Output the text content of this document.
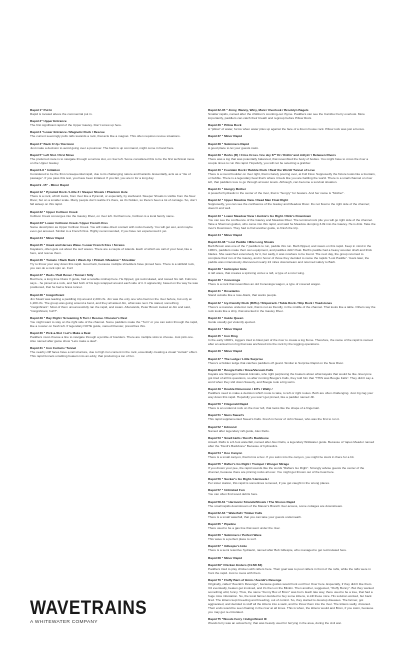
Rapid 1" Put In
Rapid is located above the commercial put in.
Rapid 2" Upper Entrance
The first significant rapid of the Upper Gauley. Don't screw up here.
Rapid 3 "Lower Entrance / Magnetic Rock / Rescue
The current seemingly pulls rafts towards a rock, that acts like a magnet. This often requires rescue situations.
Rapid 4" Back It Up / Decision
Just make a decision to avoid going over a pourover. The back is up command, might come in hand here.
Rapid 5" Left Slot / First Move
The preferred route is to navigate through a narrow slot, on river left. Some considered this to be the first technical move on the Upper Gauley.
Rapid 6-8 " Initiation
Considered to be the first consequential rapid, due to its challenging nature and hazards. Essentially, acts as a "rite of passage". If you pass this test, you have been initiated. If you fail, you are in for a long day.
Rapid 9 -15" - Minor Rapid
Rapid 12 " Pyramid Rock / Little Z / Sleeper Shoals / Phantom Hole
There is a rock, which looks, from river like a Pyramid, or especially, by starboard. Sleeper Shoals is visible from the New River, but on a smaller scale. Many people don't realize it's there, as it's hidden, so there's been a lot of carnage. So, don't fall asleep on this rapid.
Rapid 22 " Upper Collison Creek
Collison Creek converges into the Gauley River, on river left. Furthermore, Collison is a local family name.
Rapid 23" Lower Collision Creek / Upper French Kiss
Same description as Upper Collison Creek. You will make direct contact with rocks heavily. You will get wet, and maybe even get aroused. Similar to a French Kiss. Highly recommended, if you have not experienced it yet.
Rapid 24 " Minor Rapid
Rapid 25 " Gwek and Heroes Wave / Lower French Kiss / Screws
Kayakers, often gets out about the surf waves. There are a couple of islands. Each of which we call of your boat, like a hero, and rescue them.
Rapid 26 " Tomato / Back Back / Wash-Up / Pinball / Meadow " Shredder
Try to throw your way down this rapid. Good luck, because multiple shredders have pinned here. There is a skillslid rock, you can do a rock spin on. Fun!
Rapid 27 " Buds / Bull Boxer / Tunnel / Silly
Bud here, a long time Class V guide, had a notable mishap here. He flipped, got recirculated, and tossed his raft. Folk lore says... he joined at a rock, and had both of his legs wrapped around each side of it. It apparently, based on the way he was positioned, that he had a brass tunnel.
Rapid 28 " Insignificant
Jim Stuart was leading a paddling trip around 2,200 cfs. Jim was the only one who had run the river before, but only at 1,200 cfs. The group was going around a bend, and they all asked Jim, what was next. He stated, something "insignificant". Most of them unsuccessfully ran the rapid, and swam. Afterwards, Peter Brown looked at Jim and said, "Insignificant, huh?".
Rapid 29 " Bay Right / Screaming S Turn / Rescue / Rooster's Rest
You might want to stay on the right side of the channel. Some paddlers make the "Turn" or you can swim through the rapid, like a rooster on fresh left. If legendary NOTE guide, named Rooster, prescribes this.
Rapid 30 " Pick-a-Slot / Let's Make a Deal
Paddlers must choose a line to navigate through a jumble of boulders. There are multiple slots to choose. Just pick one. Also named after game show "Lets make a deal".
Rapid 31 " Iron Curtain / Tunnel
The nearby cliff faces have a rail structure, due to high iron content in the rock, essentially creating a visual "curtain" effect. This rapid funnels unwitting boaters into an eddy, that producing a ton of fun.
Rapid 32-35 " Jinny, Wanny, Winy, Mani / Overlook / Brooklyn Bagels
Smaller rapids, named after the children's counting-out rhyme. Paddlers can see the Carnifex Ferry overlook. More importantly, paddlers can catch their breath and regroup before Pillow Rock.
Rapid 36 " Pillow Rock
A "pillow" of water, forms when water piles up against the face of a Zoom house rock. Pillow rock was just a bonus.
Rapid 37 " Minor Rapid
Rapid 38 " Swimmers Rapid
A good place to let your guests swim.
Rapid 39 " Borks (R) / Criss Cross / Ice sky K** Dr / Rollin' and Jollyin' / Between Rivers
There was a log that was potentially balanced, that resembled the body of bodies. You might have to cross the river a couple times to run this rapid. Hopefully, you will not be selecting a grabber.
Rapid 40 " Fountain Rock / Bubble Rock / Beaf the World/ Tunnel of Love
There is a round boulder on river right, that is barely pouring over, at Full Flow. Supposedly the fixture looks like a fountain, or bubble. There is a legendary bear that's where it feels like you are battling the world. There is a small channel on river left, that paddlers love to go through at lower levels. Although, can become a survival situation.
Rapid 41 " Hungry Mother
A powerful hydraulic in the center of the river, that is "hungry" for boaters. And her name is "Mother".
Rapid 42 " Upper Meadow View / Dead Man Float Right
Supposedly, you can see the confluence of the Gauley and Meadow River. Do not float to the right side of the channel; doesn't end well.
Rapid 43 " Lower Meadow View / Junkie's Go Right / Dink's Downtown
You can see the confluence of the Gauley and Meadow River. The terminal rock pile you will go right side of the channel. Take a Sherman guides, who came into this rapid, and said he Meadow dumping 3-8k into the Gauley. He is dink. Take the river's Downtown. They had to find another guide, to finish the trip.
Rapid 44 " Minor Rapid
Rapid 33-38 " Lost Paddle / Mile Long Shoals
Barb Brown was one of the 7 paddlers to run, paddle this run. Barb flipped, and swam on this rapid. Keep in mind in the 1960's, paddlers make their own equipment, and paddles didn't float. Barb's paddle had a heavy wooden shaft and thick blades. She searched extensively for it, but sadly, it was nowhere to be found. The next day, the group returned to complete their run of the Gauley, and in honor of those they decided to name the rapids "Lost Paddle". Years later, the paddle was miraculously discovered nearly 24 miles downstream and returned safely to Barb.
Rapid 39 " Helicopter Hole
A raft wave, that creates a spinning vortex a raft, a type of a rotor wing.
Rapid 40 " Conestoga
There is a rock that resembles an old Conestoga wagon, a type of covered wagon.
Rapid 41 " Rosetanks
Stand outside like a rose-black, that wants people.
Rapid 42 " Ivy-friendly Rock (Riffs) / Shipwreck / Table Rock / Slip Rock / Toadstones
There's a massive undercut rock, that is not as friendly, in the middle of the channel. That looks like a table. Others say the rock looks like a ship, that wrecked in the Gauley River.
Rapid 43 " Guide Queen
Guide usually get violently ejected.
Rapid 44 " Minor Rapid
Rapid 45 " Iron Ring
In the early 1900's, loggers tried to blast part of the river to create a log flume. Therefore, the name of the rapid is named after an actual iron ring that was anchored into the rock by the logging operations.
Rapid 46 " Minor Rapid
Rapid 47 " The Ledge / Little Surprise
There's a hidden ledge that catches paddlers off guard. Similar to Surprise Rapid on the New River.
Rapid 48 " Boogie Falls / Knee/Vacuum Falls
Kayaks are Strangers Rascal Animals, who right perplexing the boaters about what kayaks that would be like. Everyone got tired of all his questions, so after running Boogie's Falls, they told him that "THIS was Boogie Falls". They didn't say a word when they slid down Sweetly, and Boogie took a big swim.
Rapid 49 " Double Dimension / Elf's / Wally /
Paddlers need to make a decision which route to take, to left or right routes. Both are often challenging. Just zig zag your way down this rapid. Hopefully you won't get pinned, like a paddler named Jill.
Rapid 50 " Fitzgerald Rapid
There is an undercut rock on the river left, that looks like the shape of a fingernail.
Rapid 51 " Nuns Sweet's
This rapid supplemented Sweet's Falls. Fresh in honor of John Sweet, who was the first to run it.
Rapid 52 " Edmond
Named after legendary raft guide, Alex Dello.
Rapid 53 " Smell Hells / Devil's Backbone
Aswell. Rafts is a 6-foot waterfall, named after Alex Dello, a legendary Wildwater guide. Because of 'tapes Meador named after the "Devil's Backbone" Because of hydraulics.
Rapid 54 " Koo Canyon
There is a small canyon, that forms a box. If you swim into the canyon, you might be stuck in there for a bit.
Rapid 55 " Rafter's Go Right / Trumpet / Wooger Mirage
If you drown your pee, the rapid sounds like the words "Rafters Go Right". Strongly advise guests the center of the channel, because there are pinning rocks all over. You might get thrown out of the boat here.
Rapid 56 " Sucker's Go Right / Hermeela /
Per sister station, this rapid is sometimes removed, if you get caught in the wrong places.
Rapid 57 " Unlimited Fun
You can often find wood debris here.
Rapid 58-61 " Harmonic Strands/Shoals / The Shores Rapid
The small rapids downstream of the Mason's Branch river access, some cottages are downstream.
Rapid 62-64 " Waterfall / Timber Falls
There is a small waterfall, that you can take your guests underneath.
Rapid 65 " Pipeline
There used to be a gas line that went under the river.
Rapid 66 " Swimmers / Perfect Wave
This wave is a perfect place to surf.
Rapid 67 " Gillespie's Hole
There is a semi retentive hydraulic, named after Bob Gillespie, who managed to get recirculated here.
Rapid 68 " Minor Rapid
Rapid 69" Chicken Enders (CLSD 83)
Paddlers tried to play chicken with rafters here. Their goal was to pour rafters in front of the rafts, while the rafts were in front the rapid. Just to mess with them.
Rapid 70 " Fluffy Barn of Hmm / Zeenik's Revenge
Originally, called "Zeenik's Revenge", because guides would hunt out Pour Over here. Especially, if they didn't like them. It'd eventually, beaten get involved, and it's then on the Blinkin. Then another, suggested, "Fluffy Bunny". But they wanted something wild, funny. Thus, the name "Funny Box of Bmm" was born. Each late way, there used to be a tree, that had a huge mice infestation. So, the local farmer decided to buy some kittens, to kill these mice. His solution worked, but back fired. The kittens kept breeding and breeding, out of control. So, they started to develop diseases. The farmer, got aggravated, and decided to stuff all the kittens into a sack, and he threw them into the river. The kittens sadly, drowned. Their ends would be seen floating in the river at all times. This is when, the kittens would and Bmm, if you swim, because you may get re-circulated.
Rapid 75 "Woods Ferry / Indignificant III
Woods ferry was an actual ferry, that was heavily used for ferrying in the area, during the civil war.
WAVETRAINS
A WHITEWATER COMPANY
